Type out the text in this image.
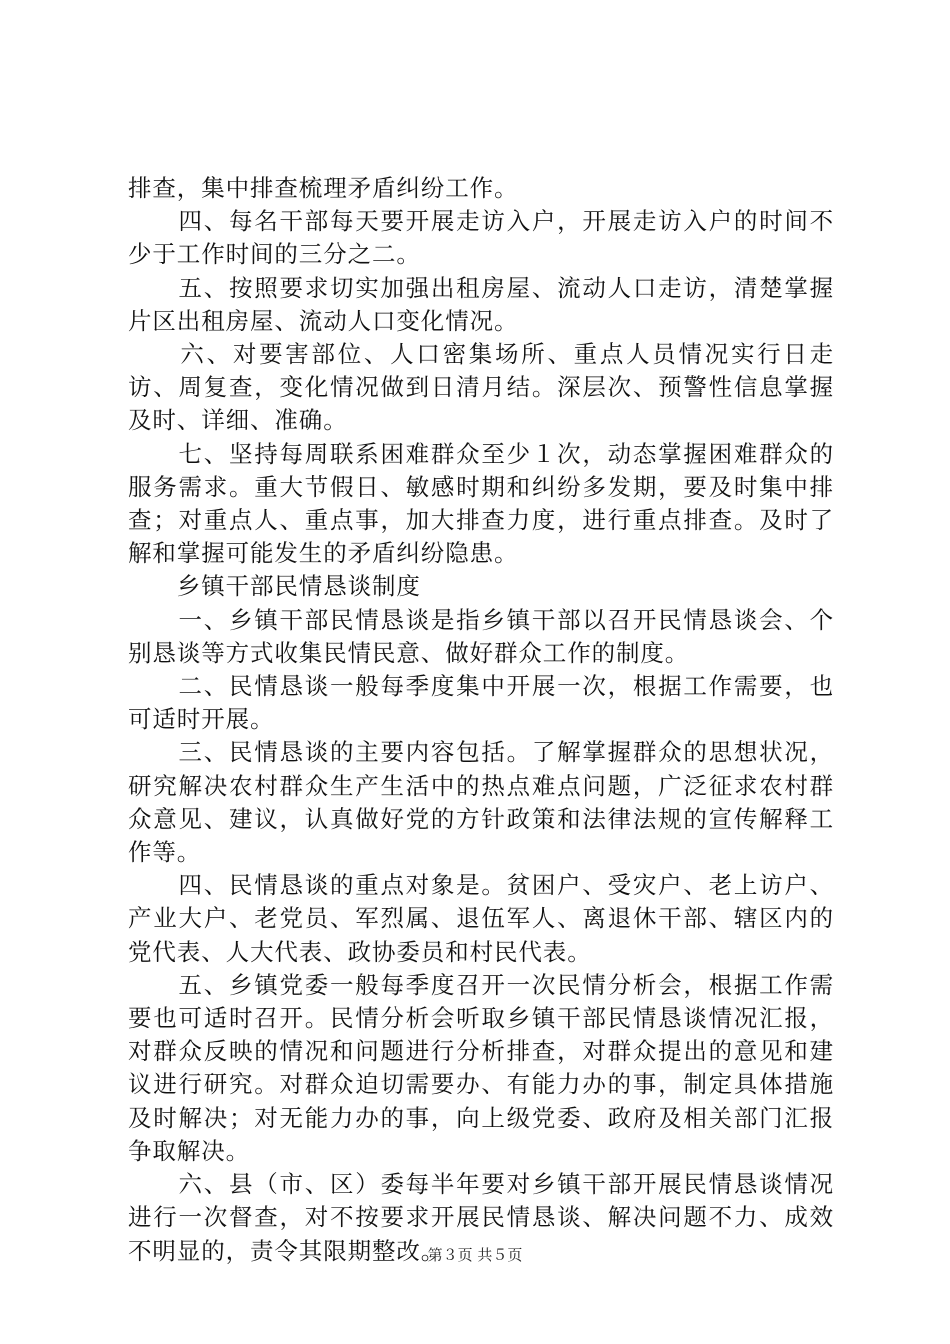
排查，集中排查梳理矛盾纠纷工作。

　　四、每名干部每天要开展走访入户，开展走访入户的时间不少于工作时间的三分之二。

　　五、按照要求切实加强出租房屋、流动人口走访，清楚掌握片区出租房屋、流动人口变化情况。

　　六、对要害部位、人口密集场所、重点人员情况实行日走访、周复查，变化情况做到日清月结。深层次、预警性信息掌握及时、详细、准确。

　　七、坚持每周联系困难群众至少１次，动态掌握困难群众的服务需求。重大节假日、敏感时期和纠纷多发期，要及时集中排查；对重点人、重点事，加大排查力度，进行重点排查。及时了解和掌握可能发生的矛盾纠纷隐患。

　　乡镇干部民情恳谈制度

　　一、乡镇干部民情恳谈是指乡镇干部以召开民情恳谈会、个别恳谈等方式收集民情民意、做好群众工作的制度。

　　二、民情恳谈一般每季度集中开展一次，根据工作需要，也可适时开展。

　　三、民情恳谈的主要内容包括。了解掌握群众的思想状况，研究解决农村群众生产生活中的热点难点问题，广泛征求农村群众意见、建议，认真做好党的方针政策和法律法规的宣传解释工作等。

　　四、民情恳谈的重点对象是。贫困户、受灾户、老上访户、产业大户、老党员、军烈属、退伍军人、离退休干部、辖区内的党代表、人大代表、政协委员和村民代表。

　　五、乡镇党委一般每季度召开一次民情分析会，根据工作需要也可适时召开。民情分析会听取乡镇干部民情恳谈情况汇报，对群众反映的情况和问题进行分析排查，对群众提出的意见和建议进行研究。对群众迫切需要办、有能力办的事，制定具体措施及时解决；对无能力办的事，向上级党委、政府及相关部门汇报争取解决。

　　六、县（市、区）委每半年要对乡镇干部开展民情恳谈情况进行一次督查，对不按要求开展民情恳谈、解决问题不力、成效不明显的，责令其限期整改。

第３页 共５页
